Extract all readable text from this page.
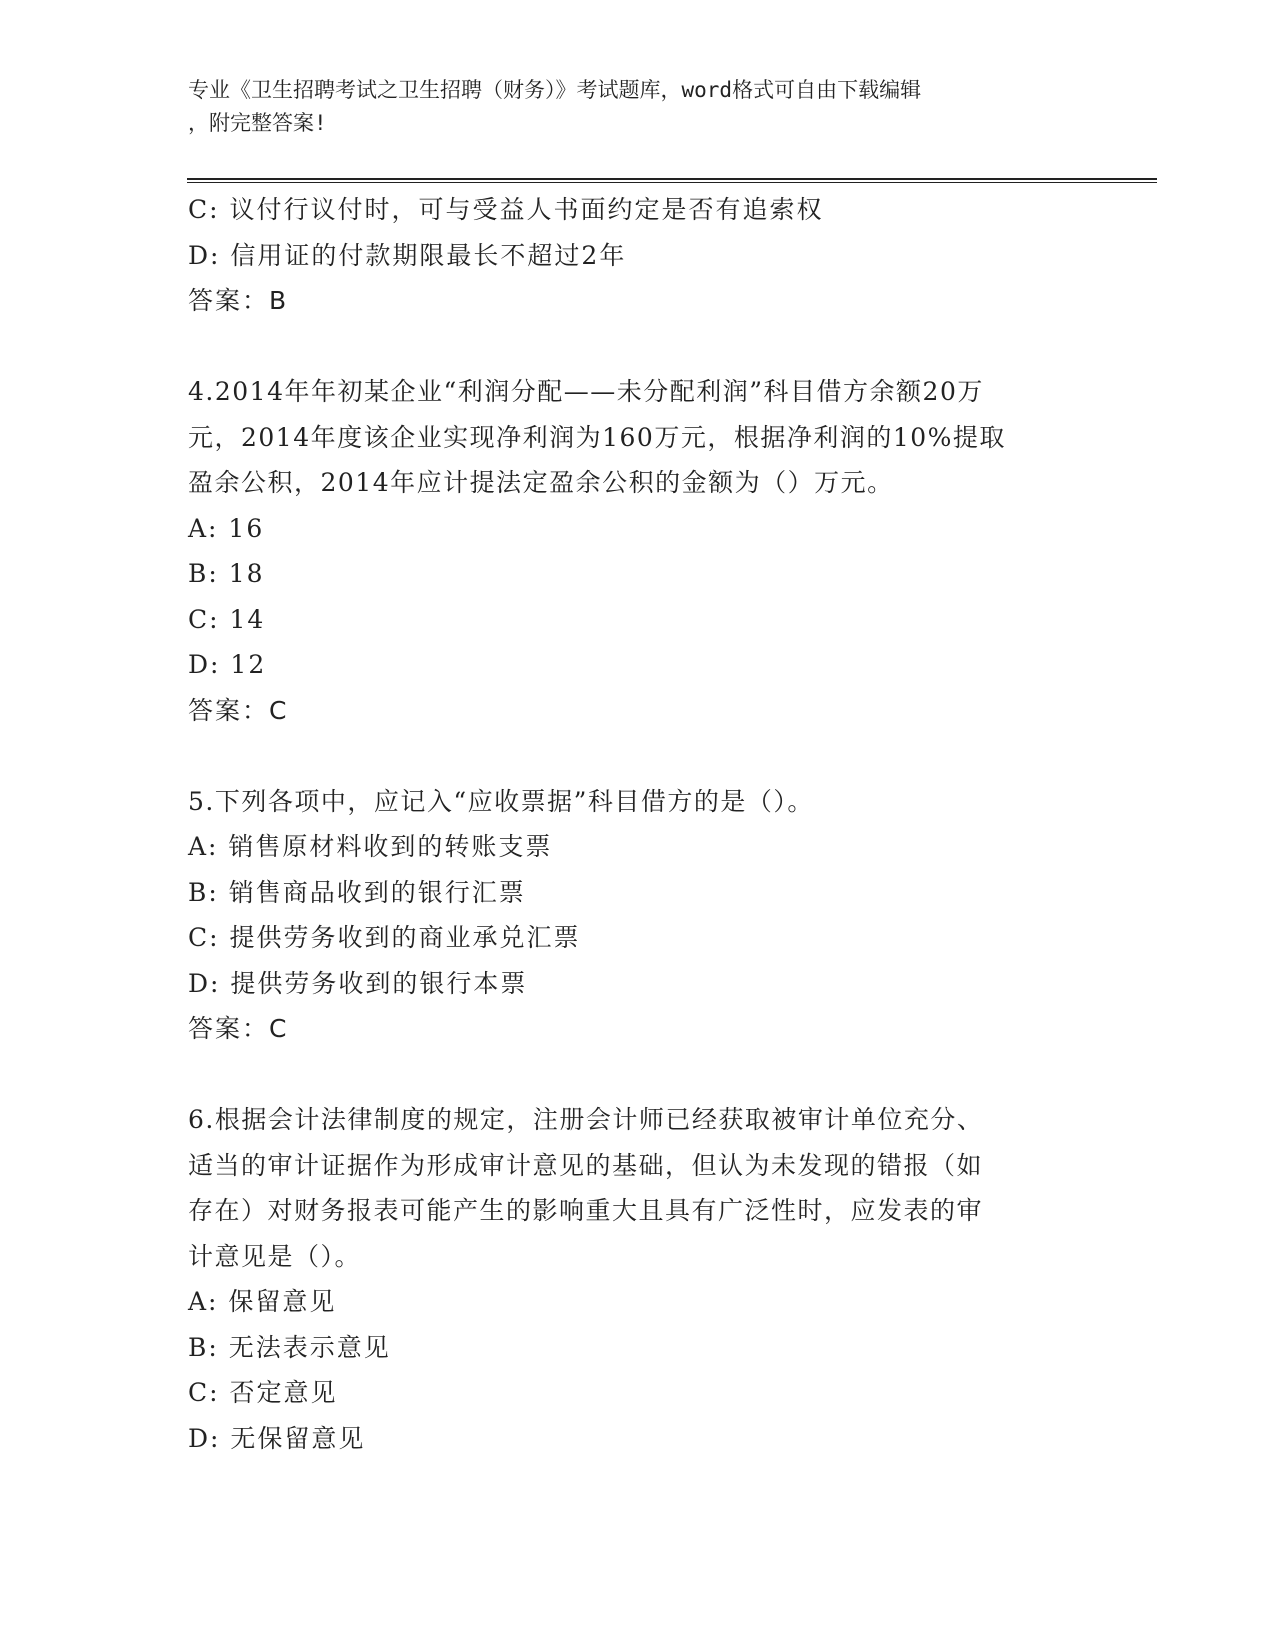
专业《卫生招聘考试之卫生招聘（财务）》考试题库，word格式可自由下载编辑
，附完整答案!
C: 议付行议付时，可与受益人书面约定是否有追索权
D: 信用证的付款期限最长不超过2年
答案：B
4.2014年年初某企业“利润分配——未分配利润”科目借方余额20万
元，2014年度该企业实现净利润为160万元，根据净利润的10%提取
盈余公积，2014年应计提法定盈余公积的金额为（）万元。
A: 16
B: 18
C: 14
D: 12
答案：C
5.下列各项中，应记入“应收票据”科目借方的是（）。
A: 销售原材料收到的转账支票
B: 销售商品收到的银行汇票
C: 提供劳务收到的商业承兑汇票
D: 提供劳务收到的银行本票
答案：C
6.根据会计法律制度的规定，注册会计师已经获取被审计单位充分、
适当的审计证据作为形成审计意见的基础，但认为未发现的错报（如
存在）对财务报表可能产生的影响重大且具有广泛性时，应发表的审
计意见是（）。
A: 保留意见
B: 无法表示意见
C: 否定意见
D: 无保留意见
